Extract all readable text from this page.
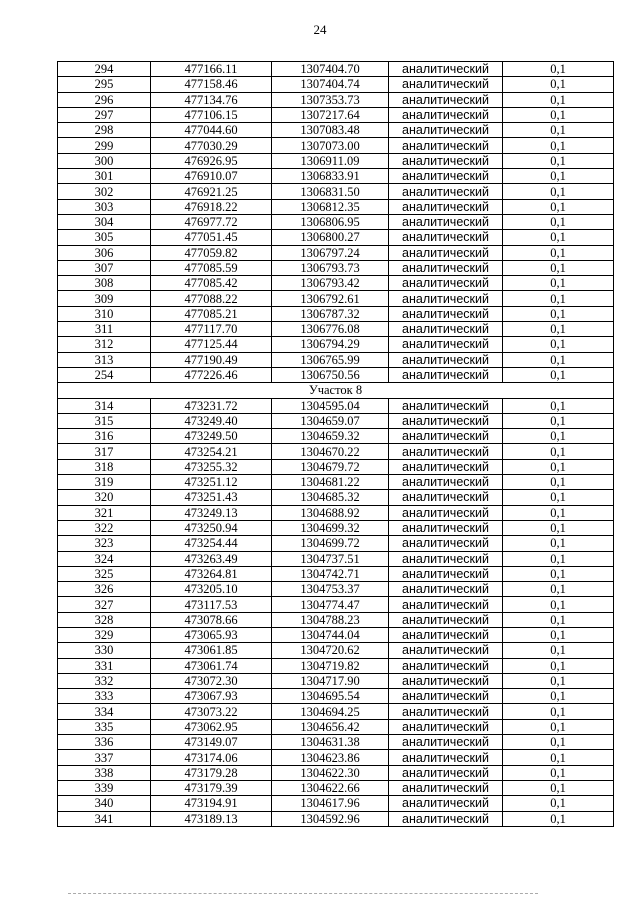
24
294	477166.11	1307404.70	аналитический	0,1
295	477158.46	1307404.74	аналитический	0,1
296	477134.76	1307353.73	аналитический	0,1
297	477106.15	1307217.64	аналитический	0,1
298	477044.60	1307083.48	аналитический	0,1
299	477030.29	1307073.00	аналитический	0,1
300	476926.95	1306911.09	аналитический	0,1
301	476910.07	1306833.91	аналитический	0,1
302	476921.25	1306831.50	аналитический	0,1
303	476918.22	1306812.35	аналитический	0,1
304	476977.72	1306806.95	аналитический	0,1
305	477051.45	1306800.27	аналитический	0,1
306	477059.82	1306797.24	аналитический	0,1
307	477085.59	1306793.73	аналитический	0,1
308	477085.42	1306793.42	аналитический	0,1
309	477088.22	1306792.61	аналитический	0,1
310	477085.21	1306787.32	аналитический	0,1
311	477117.70	1306776.08	аналитический	0,1
312	477125.44	1306794.29	аналитический	0,1
313	477190.49	1306765.99	аналитический	0,1
254	477226.46	1306750.56	аналитический	0,1
Участок 8				
314	473231.72	1304595.04	аналитический	0,1
315	473249.40	1304659.07	аналитический	0,1
316	473249.50	1304659.32	аналитический	0,1
317	473254.21	1304670.22	аналитический	0,1
318	473255.32	1304679.72	аналитический	0,1
319	473251.12	1304681.22	аналитический	0,1
320	473251.43	1304685.32	аналитический	0,1
321	473249.13	1304688.92	аналитический	0,1
322	473250.94	1304699.32	аналитический	0,1
323	473254.44	1304699.72	аналитический	0,1
324	473263.49	1304737.51	аналитический	0,1
325	473264.81	1304742.71	аналитический	0,1
326	473205.10	1304753.37	аналитический	0,1
327	473117.53	1304774.47	аналитический	0,1
328	473078.66	1304788.23	аналитический	0,1
329	473065.93	1304744.04	аналитический	0,1
330	473061.85	1304720.62	аналитический	0,1
331	473061.74	1304719.82	аналитический	0,1
332	473072.30	1304717.90	аналитический	0,1
333	473067.93	1304695.54	аналитический	0,1
334	473073.22	1304694.25	аналитический	0,1
335	473062.95	1304656.42	аналитический	0,1
336	473149.07	1304631.38	аналитический	0,1
337	473174.06	1304623.86	аналитический	0,1
338	473179.28	1304622.30	аналитический	0,1
339	473179.39	1304622.66	аналитический	0,1
340	473194.91	1304617.96	аналитический	0,1
341	473189.13	1304592.96	аналитический	0,1
